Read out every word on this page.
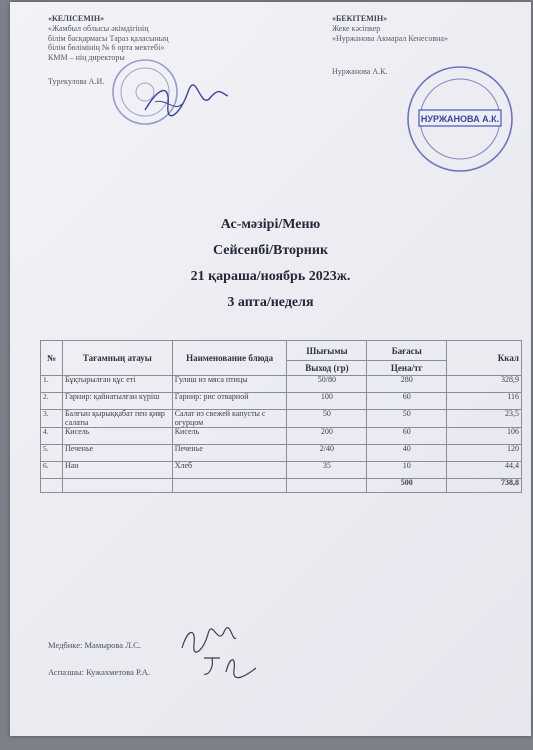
«КЕЛІСЕМІН»
«Жамбыл облысы әкімдігінің
білім басқармасы Тараз қаласының
білім бөлімінің № 6 орта мектебі»
КММ – нің директоры
Турекулова А.И.
«БЕКІТЕМІН»
Жеке кәсіпкер
«Нуржанова Акмарал Кенесовна»
Нуржанова А.К.
НУРЖАНОВА А.К.
Ас-мәзірі/Меню
Сейсенбі/Вторник
21 қараша/ноябрь 2023ж.
3 апта/неделя
№	Тағамның атауы	Наименование блюда	Шығымы	Бағасы	Ккал
			Выход (гр)	Цена/тг	
1.	Бұқтырылған құс еті	Гуляш из мяса птицы	50/80	280	328,9
2.	Гарнир: қайнатылған күріш	Гарнир: рис отварной	100	60	116
3.	Балғын қырыққабат пен қияр салаты	Салат из свежей капусты с огурцом	50	50	23,5
4.	Кисель	Кисель	200	60	106
5.	Печенье	Печенье	2/40	40	120
6.	Нан	Хлеб	35	10	44,4
				500	738,8
Медбике: Мамырова Л.С.
Аспазшы: Кужахметова Р.А.
